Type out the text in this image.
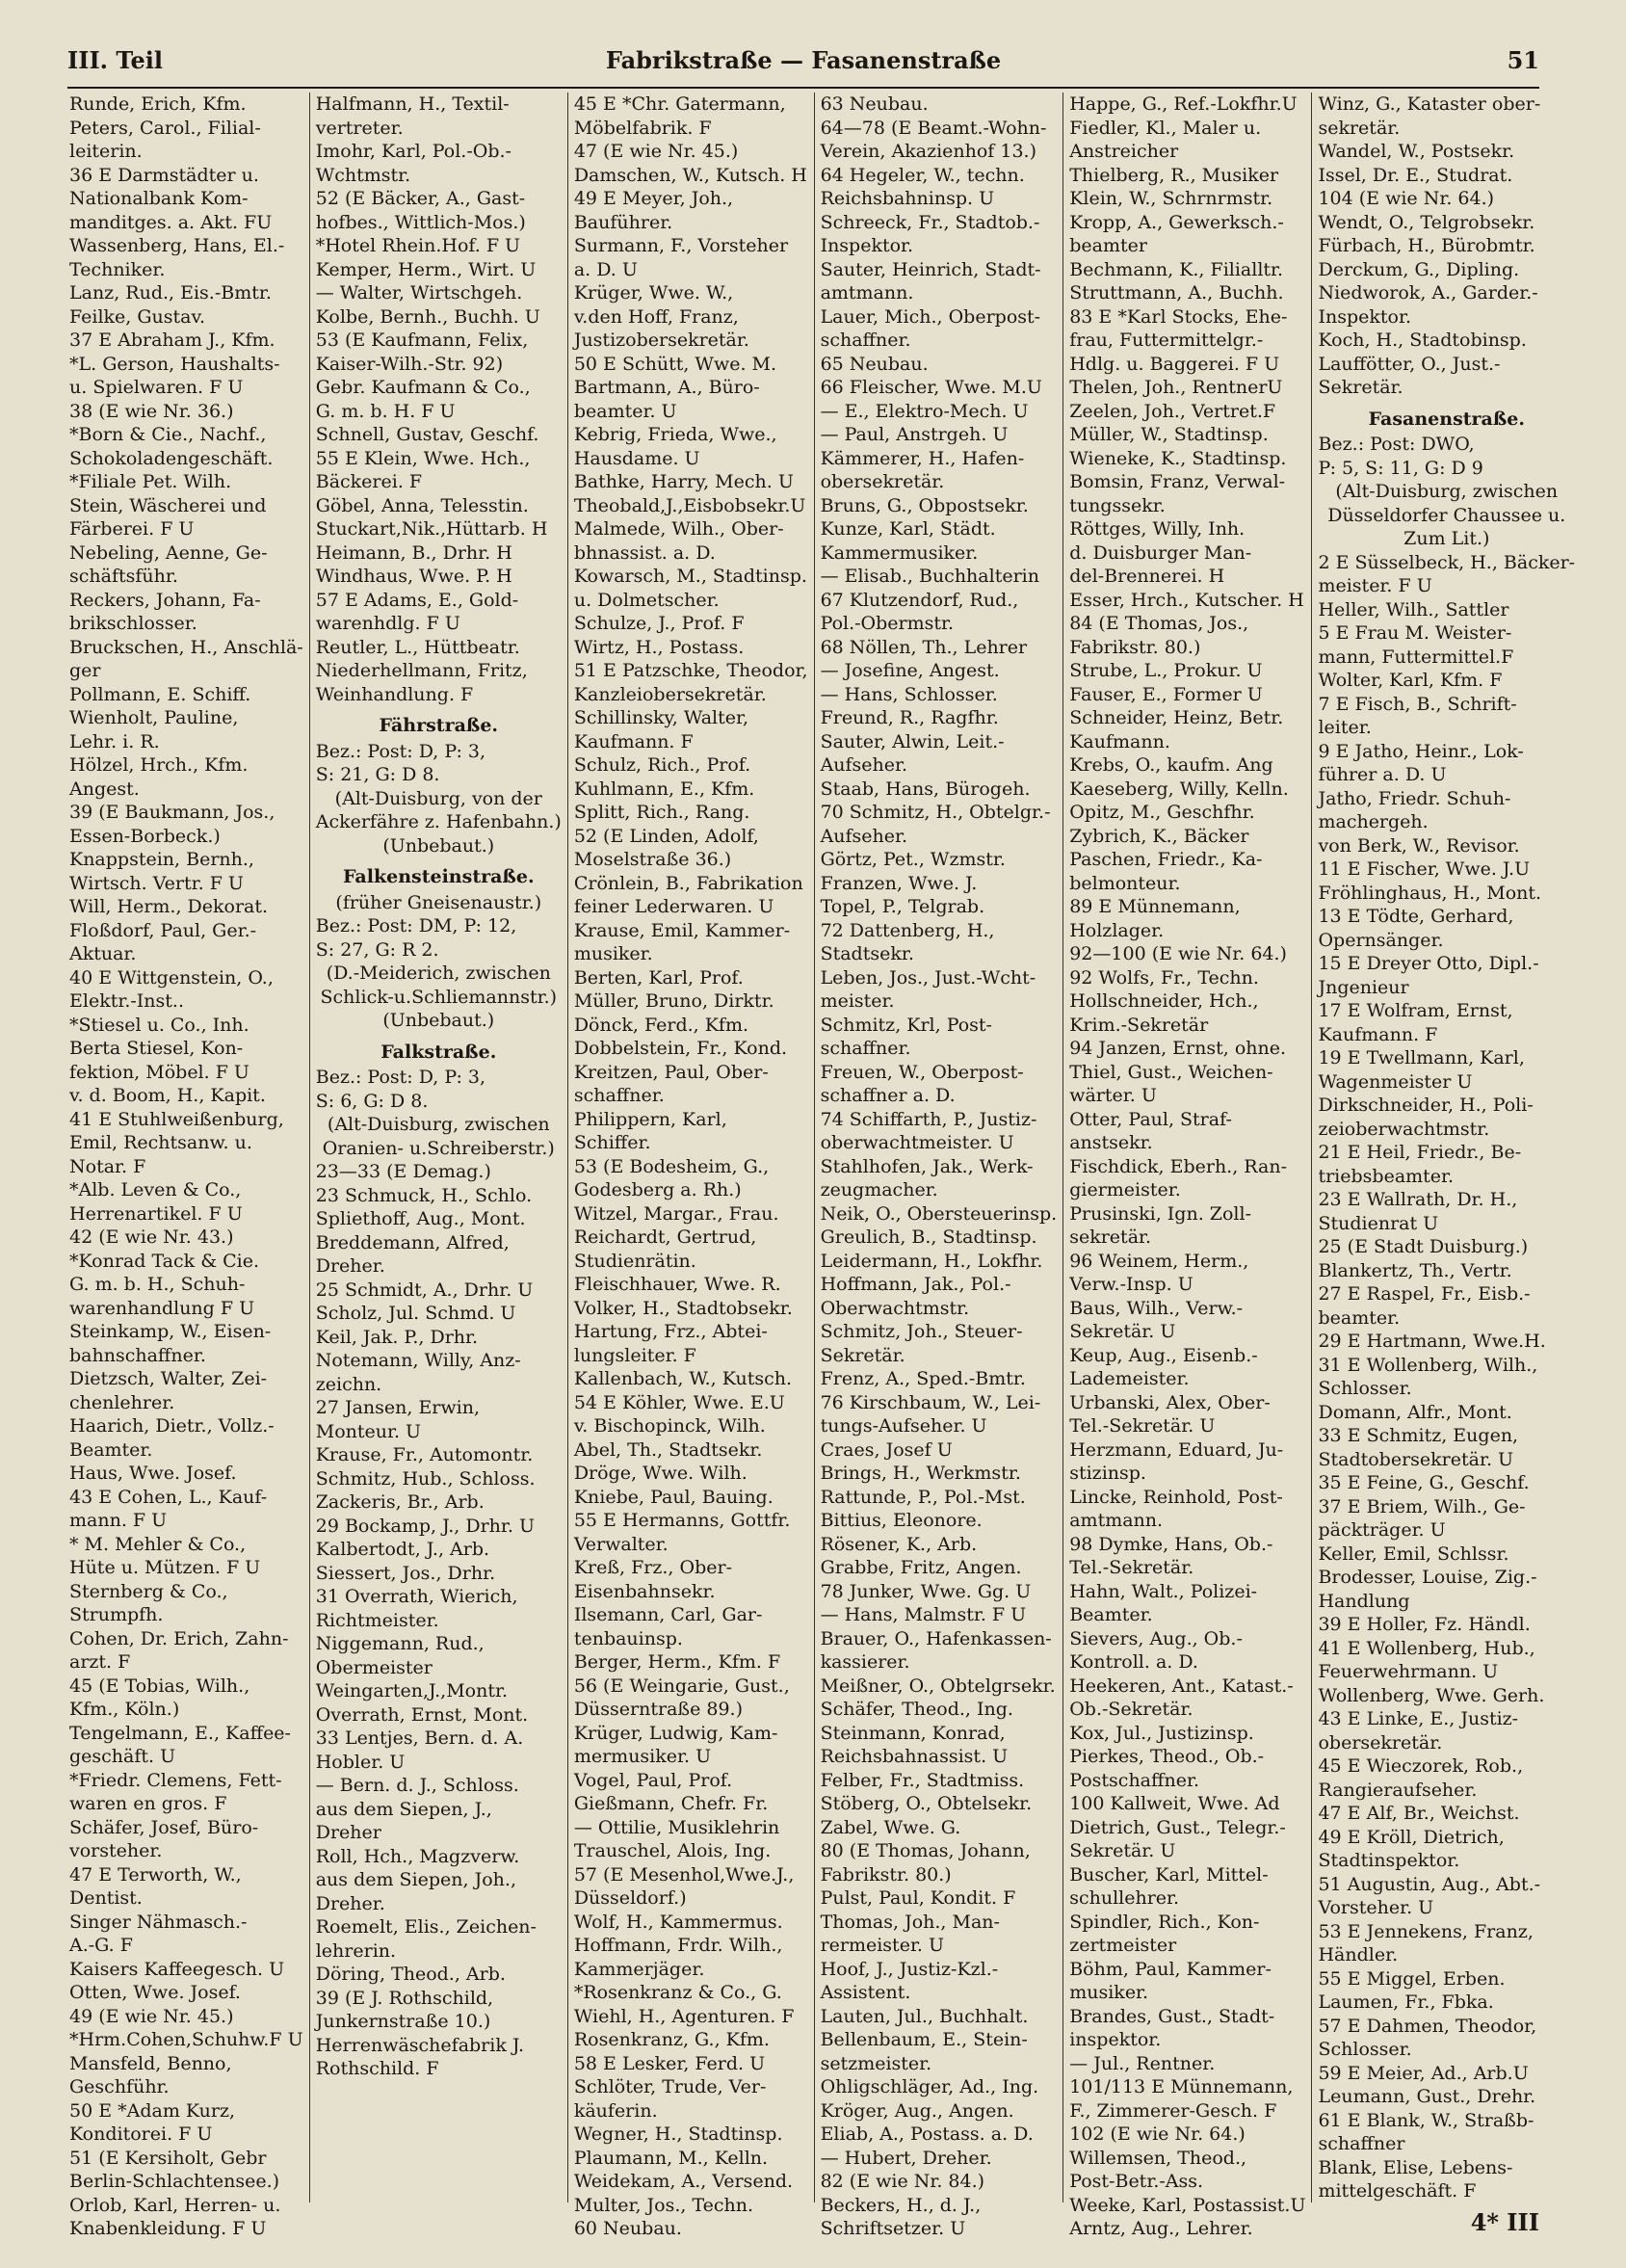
III. Teil	Fabrikstraße — Fasanenstraße	51
Runde, Erich, Kfm.
Peters, Carol., Filial-
leiterin.
36 E Darmstädter u.
Nationalbank Kom-
manditges. a. Akt. FU
Wassenberg, Hans, El.-
Techniker.
Lanz, Rud., Eis.-Bmtr.
Feilke, Gustav.
37 E Abraham J., Kfm.
*L. Gerson, Haushalts-
u. Spielwaren. F U
38 (E wie Nr. 36.)
*Born & Cie., Nachf.,
Schokoladengeschäft.
*Filiale Pet. Wilh.
Stein, Wäscherei und
Färberei. F U
Nebeling, Aenne, Ge-
schäftsführ.
Reckers, Johann, Fa-
brikschlosser.
Bruckschen, H., Anschlä-
ger
Pollmann, E. Schiff.
Wienholt, Pauline,
Lehr. i. R.
Hölzel, Hrch., Kfm.
Angest.
39 (E Baukmann, Jos.,
Essen-Borbeck.)
Knappstein, Bernh.,
Wirtsch. Vertr. F U
Will, Herm., Dekorat.
Floßdorf, Paul, Ger.-
Aktuar.
40 E Wittgenstein, O.,
Elektr.-Inst..
*Stiesel u. Co., Inh.
Berta Stiesel, Kon-
fektion, Möbel. F U
v. d. Boom, H., Kapit.
41 E Stuhlweißenburg,
Emil, Rechtsanw. u.
Notar. F
*Alb. Leven & Co.,
Herrenartikel. F U
42 (E wie Nr. 43.)
*Konrad Tack & Cie.
G. m. b. H., Schuh-
warenhandlung F U
Steinkamp, W., Eisen-
bahnschaffner.
Dietzsch, Walter, Zei-
chenlehrer.
Haarich, Dietr., Vollz.-
Beamter.
Haus, Wwe. Josef.
43 E Cohen, L., Kauf-
mann. F U
* M. Mehler & Co.,
Hüte u. Mützen. F U
Sternberg & Co.,
Strumpfh.
Cohen, Dr. Erich, Zahn-
arzt. F
45 (E Tobias, Wilh.,
Kfm., Köln.)
Tengelmann, E., Kaffee-
geschäft. U
*Friedr. Clemens, Fett-
waren en gros. F
Schäfer, Josef, Büro-
vorsteher.
47 E Terworth, W.,
Dentist.
Singer Nähmasch.-
A.-G. F
Kaisers Kaffeegesch. U
Otten, Wwe. Josef.
49 (E wie Nr. 45.)
*Hrm.Cohen,Schuhw.F U
Mansfeld, Benno,
Geschführ.
50 E *Adam Kurz,
Konditorei. F U
51 (E Kersiholt, Gebr
Berlin-Schlachtensee.)
Orlob, Karl, Herren- u.
Knabenkleidung. F U
Halfmann, H., Textil-
vertreter.
Imohr, Karl, Pol.-Ob.-
Wchtmstr.
52 (E Bäcker, A., Gast-
hofbes., Wittlich-Mos.)
*Hotel Rhein.Hof. F U
Kemper, Herm., Wirt. U
— Walter, Wirtschgeh.
Kolbe, Bernh., Buchh. U
53 (E Kaufmann, Felix,
Kaiser-Wilh.-Str. 92)
Gebr. Kaufmann & Co.,
G. m. b. H. F U
Schnell, Gustav, Geschf.
55 E Klein, Wwe. Hch.,
Bäckerei. F
Göbel, Anna, Telesstin.
Stuckart,Nik.,Hüttarb. H
Heimann, B., Drhr. H
Windhaus, Wwe. P. H
57 E Adams, E., Gold-
warenhdlg. F U
Reutler, L., Hüttbeatr.
Niederhellmann, Fritz,
Weinhandlung. F
Fährstraße.
Bez.: Post: D, P: 3,
S: 21, G: D 8.
(Alt-Duisburg, von der
Ackerfähre z. Hafenbahn.)
(Unbebaut.)
Falkensteinstraße.
(früher Gneisenaustr.)
Bez.: Post: DM, P: 12,
S: 27, G: R 2.
(D.-Meiderich, zwischen
Schlick-u.Schliemannstr.)
(Unbebaut.)
Falkstraße.
Bez.: Post: D, P: 3,
S: 6, G: D 8.
(Alt-Duisburg, zwischen
Oranien- u.Schreiberstr.)
23—33 (E Demag.)
23 Schmuck, H., Schlo.
Spliethoff, Aug., Mont.
Breddemann, Alfred,
Dreher.
25 Schmidt, A., Drhr. U
Scholz, Jul. Schmd. U
Keil, Jak. P., Drhr.
Notemann, Willy, Anz-
zeichn.
27 Jansen, Erwin,
Monteur. U
Krause, Fr., Automontr.
Schmitz, Hub., Schloss.
Zackeris, Br., Arb.
29 Bockamp, J., Drhr. U
Kalbertodt, J., Arb.
Siessert, Jos., Drhr.
31 Overrath, Wierich,
Richtmeister.
Niggemann, Rud.,
Obermeister
Weingarten,J.,Montr.
Overrath, Ernst, Mont.
33 Lentjes, Bern. d. A.
Hobler. U
— Bern. d. J., Schloss.
aus dem Siepen, J.,
Dreher
Roll, Hch., Magzverw.
aus dem Siepen, Joh.,
Dreher.
Roemelt, Elis., Zeichen-
lehrerin.
Döring, Theod., Arb.
39 (E J. Rothschild,
Junkernstraße 10.)
Herrenwäschefabrik J.
Rothschild. F
45 E *Chr. Gatermann,
Möbelfabrik. F
47 (E wie Nr. 45.)
Damschen, W., Kutsch. H
49 E Meyer, Joh.,
Bauführer.
Surmann, F., Vorsteher
a. D. U
Krüger, Wwe. W.,
v.den Hoff, Franz,
Justizobersekretär.
50 E Schütt, Wwe. M.
Bartmann, A., Büro-
beamter. U
Kebrig, Frieda, Wwe.,
Hausdame. U
Bathke, Harry, Mech. U
Theobald,J.,Eisbobsekr.U
Malmede, Wilh., Ober-
bhnassist. a. D.
Kowarsch, M., Stadtinsp.
u. Dolmetscher.
Schulze, J., Prof. F
Wirtz, H., Postass.
51 E Patzschke, Theodor,
Kanzleiobersekretär.
Schillinsky, Walter,
Kaufmann. F
Schulz, Rich., Prof.
Kuhlmann, E., Kfm.
Splitt, Rich., Rang.
52 (E Linden, Adolf,
Moselstraße 36.)
Crönlein, B., Fabrikation
feiner Lederwaren. U
Krause, Emil, Kammer-
musiker.
Berten, Karl, Prof.
Müller, Bruno, Dirktr.
Dönck, Ferd., Kfm.
Dobbelstein, Fr., Kond.
Kreitzen, Paul, Ober-
schaffner.
Philippern, Karl,
Schiffer.
53 (E Bodesheim, G.,
Godesberg a. Rh.)
Witzel, Margar., Frau.
Reichardt, Gertrud,
Studienrätin.
Fleischhauer, Wwe. R.
Volker, H., Stadtobsekr.
Hartung, Frz., Abtei-
lungsleiter. F
Kallenbach, W., Kutsch.
54 E Köhler, Wwe. E.U
v. Bischopinck, Wilh.
Abel, Th., Stadtsekr.
Dröge, Wwe. Wilh.
Kniebe, Paul, Bauing.
55 E Hermanns, Gottfr.
Verwalter.
Kreß, Frz., Ober-
Eisenbahnsekr.
Ilsemann, Carl, Gar-
tenbauinsp.
Berger, Herm., Kfm. F
56 (E Weingarie, Gust.,
Düsserntraße 89.)
Krüger, Ludwig, Kam-
mermusiker. U
Vogel, Paul, Prof.
Gießmann, Chefr. Fr.
— Ottilie, Musiklehrin
Trauschel, Alois, Ing.
57 (E Mesenhol,Wwe.J.,
Düsseldorf.)
Wolf, H., Kammermus.
Hoffmann, Frdr. Wilh.,
Kammerjäger.
*Rosenkranz & Co., G.
Wiehl, H., Agenturen. F
Rosenkranz, G., Kfm.
58 E Lesker, Ferd. U
Schlöter, Trude, Ver-
käuferin.
Wegner, H., Stadtinsp.
Plaumann, M., Kelln.
Weidekam, A., Versend.
Multer, Jos., Techn.
60 Neubau.
63 Neubau.
64—78 (E Beamt.-Wohn-
Verein, Akazienhof 13.)
64 Hegeler, W., techn.
Reichsbahninsp. U
Schreeck, Fr., Stadtob.-
Inspektor.
Sauter, Heinrich, Stadt-
amtmann.
Lauer, Mich., Oberpost-
schaffner.
65 Neubau.
66 Fleischer, Wwe. M.U
— E., Elektro-Mech. U
— Paul, Anstrgeh. U
Kämmerer, H., Hafen-
obersekretär.
Bruns, G., Obpostsekr.
Kunze, Karl, Städt.
Kammermusiker.
— Elisab., Buchhalterin
67 Klutzendorf, Rud.,
Pol.-Obermstr.
68 Nöllen, Th., Lehrer
— Josefine, Angest.
— Hans, Schlosser.
Freund, R., Ragfhr.
Sauter, Alwin, Leit.-
Aufseher.
Staab, Hans, Bürogeh.
70 Schmitz, H., Obtelgr.-
Aufseher.
Görtz, Pet., Wzmstr.
Franzen, Wwe. J.
Topel, P., Telgrab.
72 Dattenberg, H.,
Stadtsekr.
Leben, Jos., Just.-Wcht-
meister.
Schmitz, Krl, Post-
schaffner.
Freuen, W., Oberpost-
schaffner a. D.
74 Schiffarth, P., Justiz-
oberwachtmeister. U
Stahlhofen, Jak., Werk-
zeugmacher.
Neik, O., Obersteuerinsp.
Greulich, B., Stadtinsp.
Leidermann, H., Lokfhr.
Hoffmann, Jak., Pol.-
Oberwachtmstr.
Schmitz, Joh., Steuer-
Sekretär.
Frenz, A., Sped.-Bmtr.
76 Kirschbaum, W., Lei-
tungs-Aufseher. U
Craes, Josef U
Brings, H., Werkmstr.
Rattunde, P., Pol.-Mst.
Bittius, Eleonore.
Rösener, K., Arb.
Grabbe, Fritz, Angen.
78 Junker, Wwe. Gg. U
— Hans, Malmstr. F U
Brauer, O., Hafenkassen-
kassierer.
Meißner, O., Obtelgrsekr.
Schäfer, Theod., Ing.
Steinmann, Konrad,
Reichsbahnassist. U
Felber, Fr., Stadtmiss.
Stöberg, O., Obtelsekr.
Zabel, Wwe. G.
80 (E Thomas, Johann,
Fabrikstr. 80.)
Pulst, Paul, Kondit. F
Thomas, Joh., Man-
rermeister. U
Hoof, J., Justiz-Kzl.-
Assistent.
Lauten, Jul., Buchhalt.
Bellenbaum, E., Stein-
setzmeister.
Ohligschläger, Ad., Ing.
Kröger, Aug., Angen.
Eliab, A., Postass. a. D.
— Hubert, Dreher.
82 (E wie Nr. 84.)
Beckers, H., d. J.,
Schriftsetzer. U
Happe, G., Ref.-Lokfhr.U
Fiedler, Kl., Maler u.
Anstreicher
Thielberg, R., Musiker
Klein, W., Schrnrmstr.
Kropp, A., Gewerksch.-
beamter
Bechmann, K., Filialltr.
Struttmann, A., Buchh.
83 E *Karl Stocks, Ehe-
frau, Futtermittelgr.-
Hdlg. u. Baggerei. F U
Thelen, Joh., RentnerU
Zeelen, Joh., Vertret.F
Müller, W., Stadtinsp.
Wieneke, K., Stadtinsp.
Bomsin, Franz, Verwal-
tungssekr.
Röttges, Willy, Inh.
d. Duisburger Man-
del-Brennerei. H
Esser, Hrch., Kutscher. H
84 (E Thomas, Jos.,
Fabrikstr. 80.)
Strube, L., Prokur. U
Fauser, E., Former U
Schneider, Heinz, Betr.
Kaufmann.
Krebs, O., kaufm. Ang
Kaeseberg, Willy, Kelln.
Opitz, M., Geschfhr.
Zybrich, K., Bäcker
Paschen, Friedr., Ka-
belmonteur.
89 E Münnemann,
Holzlager.
92—100 (E wie Nr. 64.)
92 Wolfs, Fr., Techn.
Hollschneider, Hch.,
Krim.-Sekretär
94 Janzen, Ernst, ohne.
Thiel, Gust., Weichen-
wärter. U
Otter, Paul, Straf-
anstsekr.
Fischdick, Eberh., Ran-
giermeister.
Prusinski, Ign. Zoll-
sekretär.
96 Weinem, Herm.,
Verw.-Insp. U
Baus, Wilh., Verw.-
Sekretär. U
Keup, Aug., Eisenb.-
Lademeister.
Urbanski, Alex, Ober-
Tel.-Sekretär. U
Herzmann, Eduard, Ju-
stizinsp.
Lincke, Reinhold, Post-
amtmann.
98 Dymke, Hans, Ob.-
Tel.-Sekretär.
Hahn, Walt., Polizei-
Beamter.
Sievers, Aug., Ob.-
Kontroll. a. D.
Heekeren, Ant., Katast.-
Ob.-Sekretär.
Kox, Jul., Justizinsp.
Pierkes, Theod., Ob.-
Postschaffner.
100 Kallweit, Wwe. Ad
Dietrich, Gust., Telegr.-
Sekretär. U
Buscher, Karl, Mittel-
schullehrer.
Spindler, Rich., Kon-
zertmeister
Böhm, Paul, Kammer-
musiker.
Brandes, Gust., Stadt-
inspektor.
— Jul., Rentner.
101/113 E Münnemann,
F., Zimmerer-Gesch. F
102 (E wie Nr. 64.)
Willemsen, Theod.,
Post-Betr.-Ass.
Weeke, Karl, Postassist.U
Arntz, Aug., Lehrer.
Winz, G., Kataster ober-
sekretär.
Wandel, W., Postsekr.
Issel, Dr. E., Studrat.
104 (E wie Nr. 64.)
Wendt, O., Telgrobsekr.
Fürbach, H., Bürobmtr.
Derckum, G., Dipling.
Niedworok, A., Garder.-
Inspektor.
Koch, H., Stadtobinsp.
Lauffötter, O., Just.-
Sekretär.
Fasanenstraße.
Bez.: Post: DWO,
P: 5, S: 11, G: D 9
(Alt-Duisburg, zwischen
Düsseldorfer Chaussee u.
Zum Lit.)
2 E Süsselbeck, H., Bäcker-
meister. F U
Heller, Wilh., Sattler
5 E Frau M. Weister-
mann, Futtermittel.F
Wolter, Karl, Kfm. F
7 E Fisch, B., Schrift-
leiter.
9 E Jatho, Heinr., Lok-
führer a. D. U
Jatho, Friedr. Schuh-
machergeh.
von Berk, W., Revisor.
11 E Fischer, Wwe. J.U
Fröhlinghaus, H., Mont.
13 E Tödte, Gerhard,
Opernsänger.
15 E Dreyer Otto, Dipl.-
Jngenieur
17 E Wolfram, Ernst,
Kaufmann. F
19 E Twellmann, Karl,
Wagenmeister U
Dirkschneider, H., Poli-
zeioberwachtmstr.
21 E Heil, Friedr., Be-
triebsbeamter.
23 E Wallrath, Dr. H.,
Studienrat U
25 (E Stadt Duisburg.)
Blankertz, Th., Vertr.
27 E Raspel, Fr., Eisb.-
beamter.
29 E Hartmann, Wwe.H.
31 E Wollenberg, Wilh.,
Schlosser.
Domann, Alfr., Mont.
33 E Schmitz, Eugen,
Stadtobersekretär. U
35 E Feine, G., Geschf.
37 E Briem, Wilh., Ge-
päckträger. U
Keller, Emil, Schlssr.
Brodesser, Louise, Zig.-
Handlung
39 E Holler, Fz. Händl.
41 E Wollenberg, Hub.,
Feuerwehrmann. U
Wollenberg, Wwe. Gerh.
43 E Linke, E., Justiz-
obersekretär.
45 E Wieczorek, Rob.,
Rangieraufseher.
47 E Alf, Br., Weichst.
49 E Kröll, Dietrich,
Stadtinspektor.
51 Augustin, Aug., Abt.-
Vorsteher. U
53 E Jennekens, Franz,
Händler.
55 E Miggel, Erben.
Laumen, Fr., Fbka.
57 E Dahmen, Theodor,
Schlosser.
59 E Meier, Ad., Arb.U
Leumann, Gust., Drehr.
61 E Blank, W., Straßb-
schaffner
Blank, Elise, Lebens-
mittelgeschäft. F
4* III
